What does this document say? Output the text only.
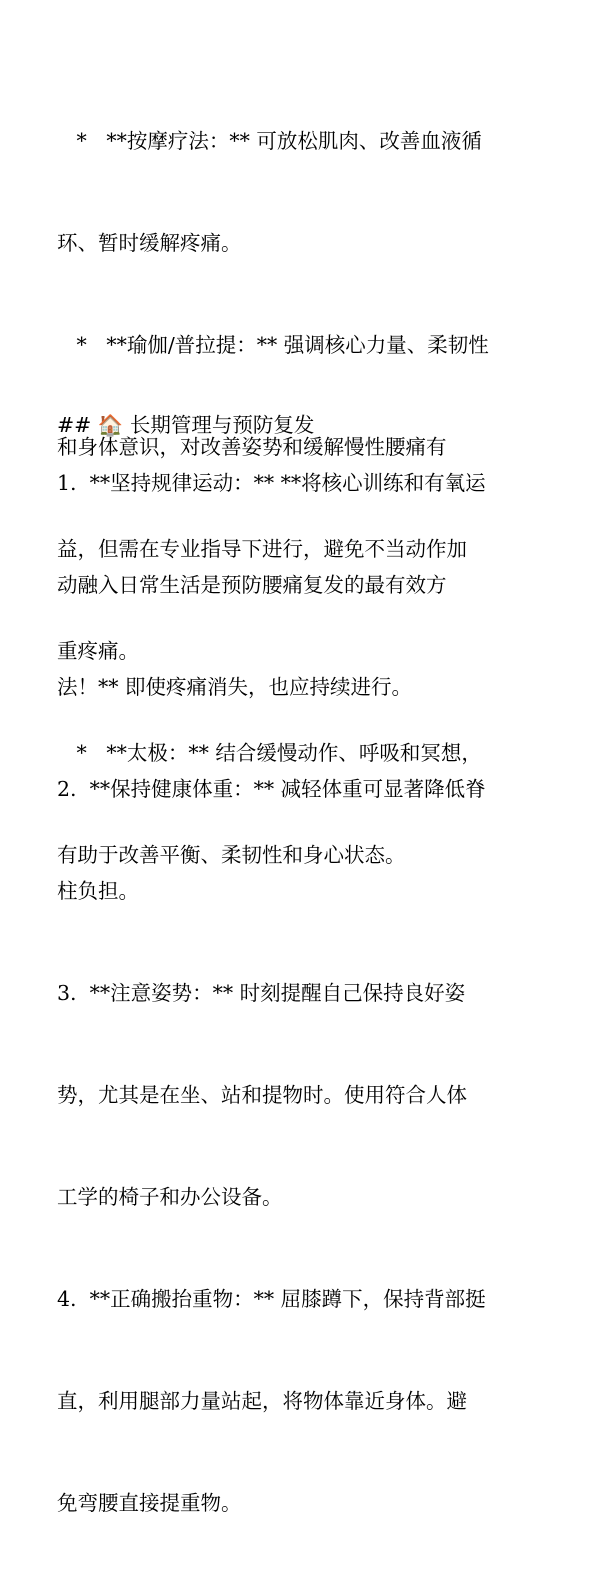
*   **按摩疗法：** 可放松肌肉、改善血液循

环、暂时缓解疼痛。

*   **瑜伽/普拉提：** 强调核心力量、柔韧性

和身体意识，对改善姿势和缓解慢性腰痛有

益，但需在专业指导下进行，避免不当动作加

重疼痛。

*   **太极：** 结合缓慢动作、呼吸和冥想，

有助于改善平衡、柔韧性和身心状态。

## 🏠 长期管理与预防复发

1.  **坚持规律运动：** **将核心训练和有氧运

动融入日常生活是预防腰痛复发的最有效方

法！** 即使疼痛消失，也应持续进行。

2.  **保持健康体重：** 减轻体重可显著降低脊

柱负担。

3.  **注意姿势：** 时刻提醒自己保持良好姿

势，尤其是在坐、站和提物时。使用符合人体

工学的椅子和办公设备。

4.  **正确搬抬重物：** 屈膝蹲下，保持背部挺

直，利用腿部力量站起，将物体靠近身体。避

免弯腰直接提重物。
